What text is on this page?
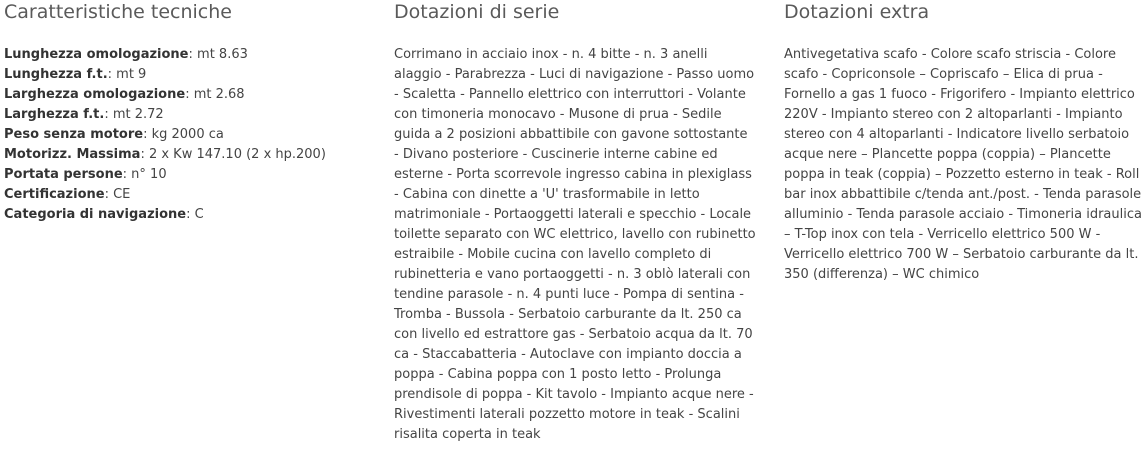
Caratteristiche tecniche
Lunghezza omologazione: mt 8.63
Lunghezza f.t.: mt 9
Larghezza omologazione: mt 2.68
Larghezza f.t.: mt 2.72
Peso senza motore: kg 2000 ca
Motorizz. Massima: 2 x Kw 147.10 (2 x hp.200)
Portata persone: n° 10
Certificazione: CE
Categoria di navigazione: C
Dotazioni di serie

Corrimano in acciaio inox - n. 4 bitte - n. 3 anelli alaggio - Parabrezza - Luci di navigazione - Passo uomo - Scaletta - Pannello elettrico con interruttori - Volante con timoneria monocavo - Musone di prua - Sedile guida a 2 posizioni abbattibile con gavone sottostante - Divano posteriore - Cuscinerie interne cabine ed esterne - Porta scorrevole ingresso cabina in plexiglass - Cabina con dinette a 'U' trasformabile in letto matrimoniale - Portaoggetti laterali e specchio - Locale toilette separato con WC elettrico, lavello con rubinetto estraibile - Mobile cucina con lavello completo di rubinetteria e vano portaoggetti - n. 3 oblò laterali con tendine parasole - n. 4 punti luce - Pompa di sentina - Tromba - Bussola - Serbatoio carburante da lt. 250 ca con livello ed estrattore gas - Serbatoio acqua da lt. 70 ca - Staccabatteria - Autoclave con impianto doccia a poppa - Cabina poppa con 1 posto letto - Prolunga prendisole di poppa - Kit tavolo - Impianto acque nere - Rivestimenti laterali pozzetto motore in teak - Scalini risalita coperta in teak

Dotazioni extra

Antivegetativa scafo - Colore scafo striscia - Colore scafo - Copriconsole – Copriscafo – Elica di prua - Fornello a gas 1 fuoco - Frigorifero - Impianto elettrico 220V - Impianto stereo con 2 altoparlanti - Impianto stereo con 4 altoparlanti - Indicatore livello serbatoio acque nere – Plancette poppa (coppia) – Plancette poppa in teak (coppia) – Pozzetto esterno in teak - Roll bar inox abbattibile c/tenda ant./post. - Tenda parasole alluminio - Tenda parasole acciaio - Timoneria idraulica – T-Top inox con tela - Verricello elettrico 500 W - Verricello elettrico 700 W – Serbatoio carburante da lt. 350 (differenza) – WC chimico
